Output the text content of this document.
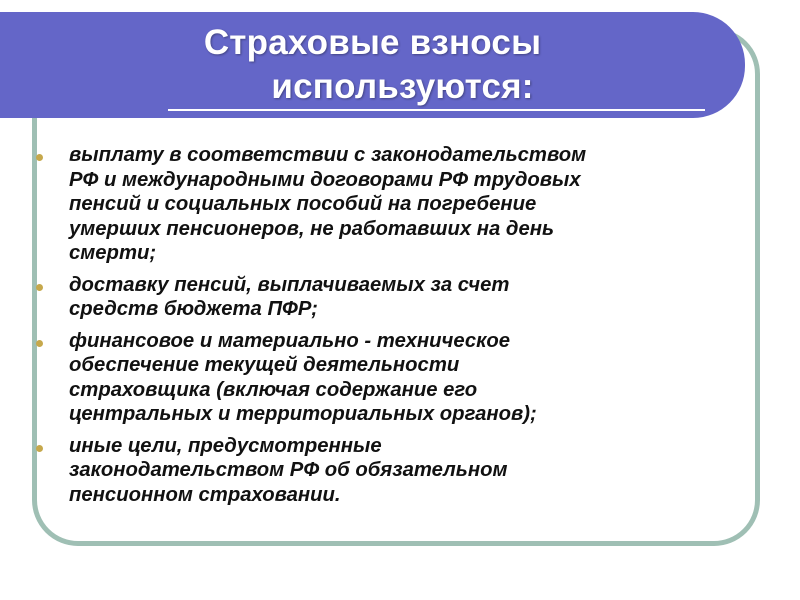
Страховые взносы
используются:
выплату в соответствии с законодательством
РФ и международными договорами РФ трудовых
пенсий и социальных пособий на погребение
умерших пенсионеров, не работавших на день
смерти;
доставку пенсий, выплачиваемых за счет
средств бюджета ПФР;
финансовое и материально - техническое
обеспечение текущей деятельности
страховщика (включая содержание его
центральных и территориальных органов);
иные цели, предусмотренные
законодательством РФ об обязательном
пенсионном страховании.
